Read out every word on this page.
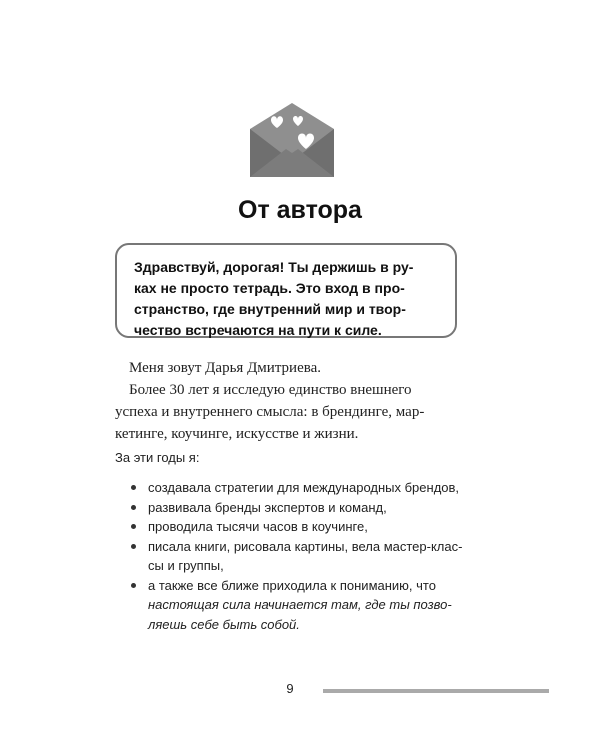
От автора

Здравствуй, дорогая! Ты держишь в ру-

ках не просто тетрадь. Это вход в про-

странство, где внутренний мир и твор-

чество встречаются на пути к силе.

Меня зовут Дарья Дмитриева.

Более 30 лет я исследую единство внешнего

успеха и внутреннего смысла: в брендинге, мар-

кетинге, коучинге, искусстве и жизни.

За эти годы я:
создавала стратегии для международных брендов,
развивала бренды экспертов и команд,
проводила тысячи часов в коучинге,
писала книги, рисовала картины, вела мастер-клас-
сы и группы,
а также все ближе приходила к пониманию, что
настоящая сила начинается там, где ты позво-
ляешь себе быть собой.
9
